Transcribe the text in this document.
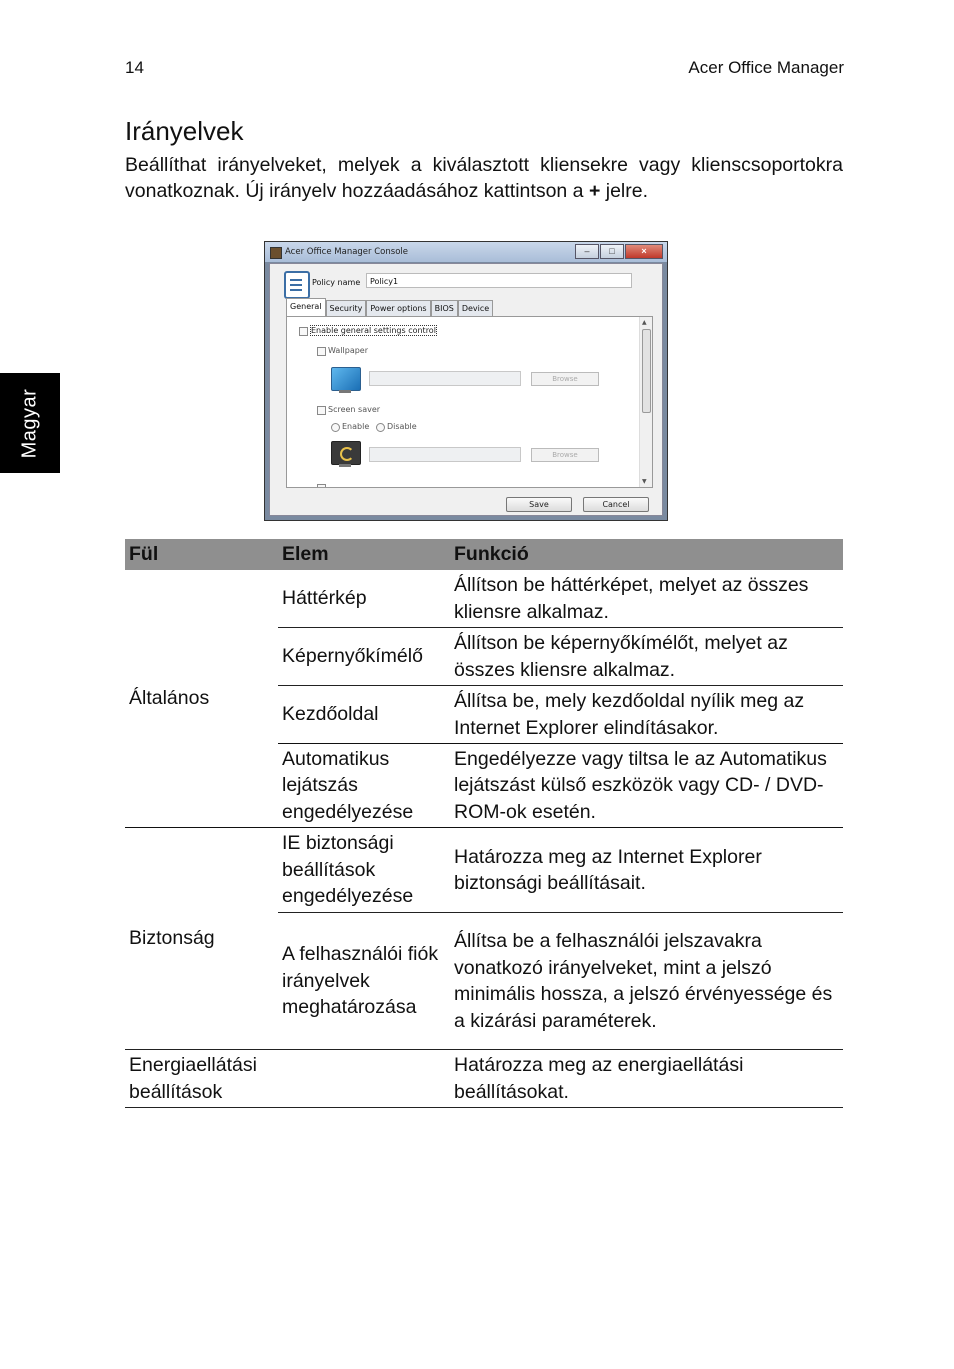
14	Acer Office Manager
Magyar
Irányelvek
Beállíthat irányelveket, melyek a kiválasztott kliensekre vagy klienscsoportokra vonatkoznak. Új irányelv hozzáadásához kattintson a + jelre.
Acer Office Manager Console	–	□	×
Policy name	Policy1
General	Security	Power options	BIOS	Device
Enable general settings control
Wallpaper
Browse
Screen saver
Enable Disable
Browse
▲
▼
Save	Cancel
Fül	Elem	Funkció
Általános	Háttérkép	Állítson be háttérképet, melyet az összes kliensre alkalmaz.
	Képernyőkímélő	Állítson be képernyőkímélőt, melyet az összes kliensre alkalmaz.
	Kezdőoldal	Állítsa be, mely kezdőoldal nyílik meg az Internet Explorer elindításakor.
	Automatikus lejátszás engedélyezése	Engedélyezze vagy tiltsa le az Automatikus lejátszást külső eszközök vagy CD- / DVD-ROM-ok esetén.
Biztonság	IE biztonsági beállítások engedélyezése	Határozza meg az Internet Explorer biztonsági beállításait.
	A felhasználói fiók irányelvek meghatározása	Állítsa be a felhasználói jelszavakra vonatkozó irányelveket, mint a jelszó minimális hossza, a jelszó érvényessége és a kizárási paraméterek.
Energiaellátási beállítások		Határozza meg az energiaellátási beállításokat.
